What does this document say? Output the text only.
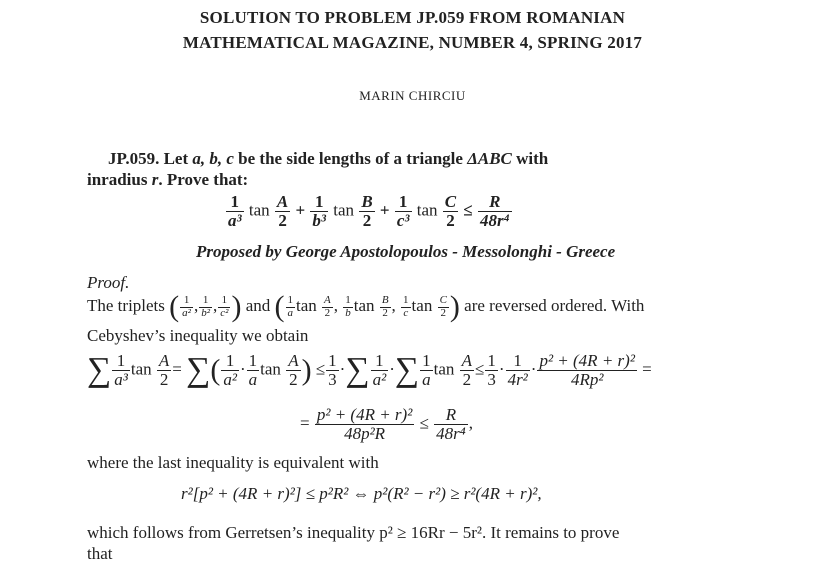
SOLUTION TO PROBLEM JP.059 FROM ROMANIAN
MATHEMATICAL MAGAZINE, NUMBER 4, SPRING 2017
MARIN CHIRCIU
JP.059. Let a, b, c be the side lengths of a triangle ΔABC with
inradius r. Prove that:
$\frac{1}{\text{a³}}$ $\tan \frac{A}{2} + \frac{1}{\text{b³}}$ $\tan \frac{B}{2} + \frac{1}{\text{c³}}$ $\tan \frac{C}{2} \le \frac{R}{\text{48r⁴}}$
Proposed by George Apostolopoulos - Messolonghi - Greece
Proof.
The triplets ( $\frac{1}{\text{a²}}$ , $\frac{1}{\text{b²}}$ , $\frac{1}{\text{c²}}$ ) and ( $\frac{1}{a}$ $\tan \frac{A}{2}$ , $\frac{1}{b}$ $\tan \frac{B}{2}$ , $\frac{1}{c}$ $\tan \frac{C}{2}$ ) are reversed ordered. With
Cebyshev’s inequality we obtain
∑ $\frac{1}{\text{a³}}$ $\tan \frac{A}{2}$ = ∑( $\frac{1}{\text{a²}} \cdot \frac{1}{a}$ $\tan \frac{A}{2}$ ) ≤ $\frac{1}{3}$ ·∑ $\frac{1}{\text{a²}}$ ·∑ $\frac{1}{a}$ $\tan \frac{A}{2} \le \frac{1}{3} \cdot \frac{1}{\text{4r²}} \cdot \frac{\text{p² + (4R + r)²}}{\text{4Rp²}}$ =
= $\frac{\text{p² + (4R + r)²}}{\text{48p²R}} \le \frac{R}{\text{48r⁴}}$ ,
where the last inequality is equivalent with
r²[p² + (4R + r)²] ≤ p²R² ⇔ p²(R² − r²) ≥ r²(4R + r)²,
which follows from Gerretsen’s inequality p² ≥ 16Rr − 5r². It remains to prove
that
